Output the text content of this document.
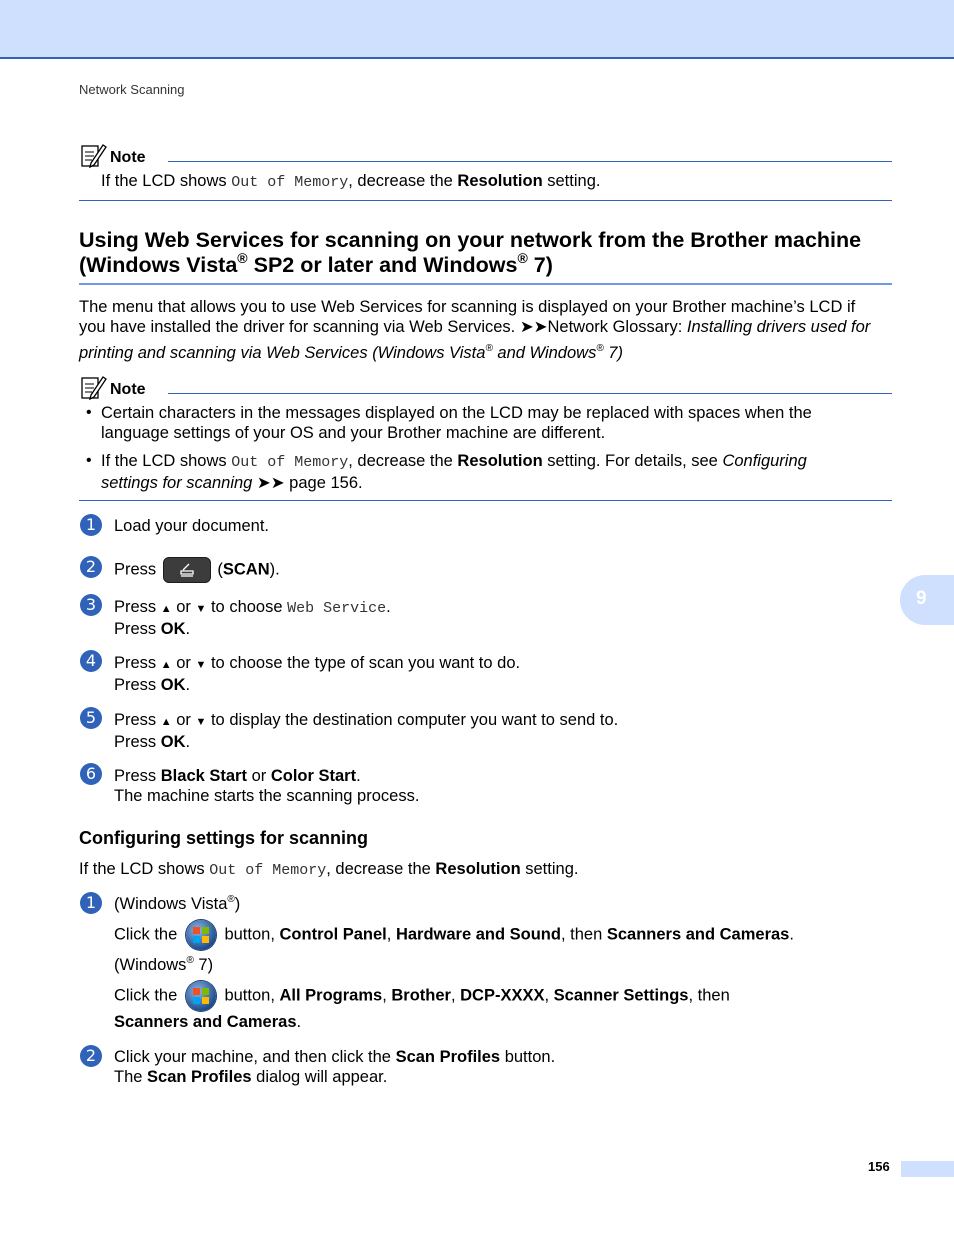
Network Scanning
Note
If the LCD shows Out of Memory, decrease the Resolution setting.
Using Web Services for scanning on your network from the Brother machine
(Windows Vista® SP2 or later and Windows® 7)
The menu that allows you to use Web Services for scanning is displayed on your Brother machine’s LCD if
you have installed the driver for scanning via Web Services. ➤➤Network Glossary: Installing drivers used for
printing and scanning via Web Services (Windows Vista® and Windows® 7)
Note
• Certain characters in the messages displayed on the LCD may be replaced with spaces when the
language settings of your OS and your Brother machine are different.
• If the LCD shows Out of Memory, decrease the Resolution setting. For details, see Configuring
settings for scanning ➤➤ page 156.
1	Load your document.
2	Press	(SCAN).
3	Press ▲ or ▼ to choose Web Service.
Press OK.
4	Press ▲ or ▼ to choose the type of scan you want to do.
Press OK.
5	Press ▲ or ▼ to display the destination computer you want to send to.
Press OK.
6	Press Black Start or Color Start.
The machine starts the scanning process.
Configuring settings for scanning
If the LCD shows Out of Memory, decrease the Resolution setting.
1	(Windows Vista®)
Click the
button, Control Panel, Hardware and Sound, then Scanners and Cameras.
(Windows® 7)
Click the
button, All Programs, Brother, DCP-XXXX, Scanner Settings, then
Scanners and Cameras.
2	Click your machine, and then click the Scan Profiles button.
The Scan Profiles dialog will appear.
9
156
